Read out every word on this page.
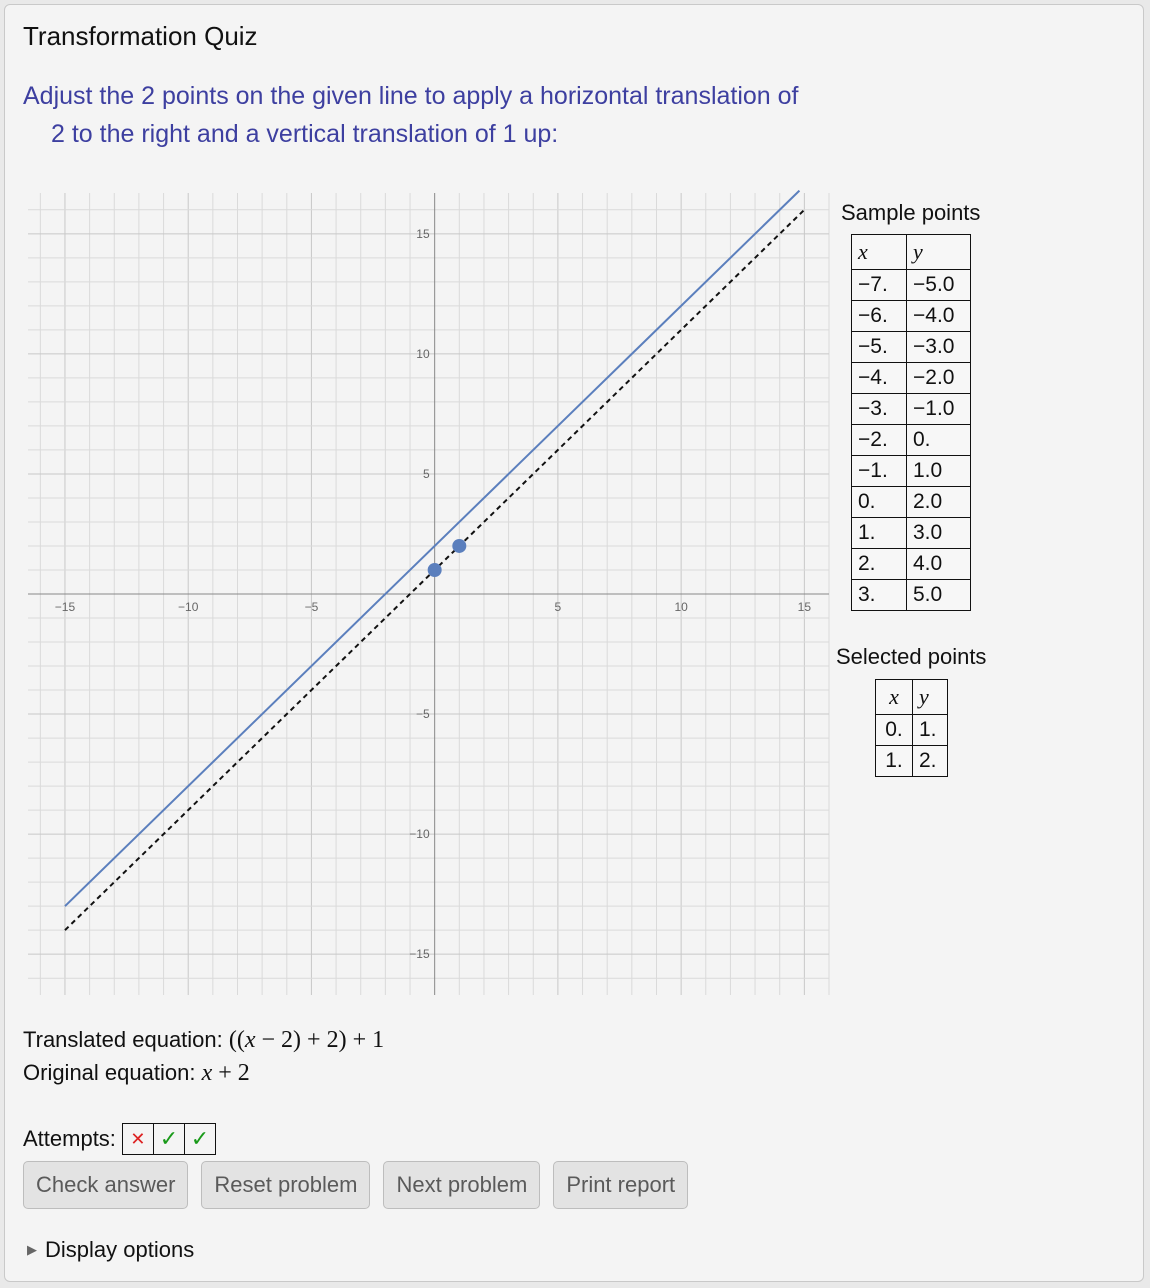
Transformation Quiz
Adjust the 2 points on the given line to apply a horizontal translation of
2 to the right and a vertical translation of 1 up:
−15	−10	−5	5	10	15
15
10
5
−5
−10
−15
Sample points
x	y
−7.	−5.0
−6.	−4.0
−5.	−3.0
−4.	−2.0
−3.	−1.0
−2.	0.
−1.	1.0
0.	2.0
1.	3.0
2.	4.0
3.	5.0
Selected points
x	y
0.	1.
1.	2.
Translated equation: ((x − 2) + 2) + 1
Original equation: x + 2
Attempts: ✕ ✓ ✓
Check answer	Reset problem	Next problem	Print report
▶ Display options
